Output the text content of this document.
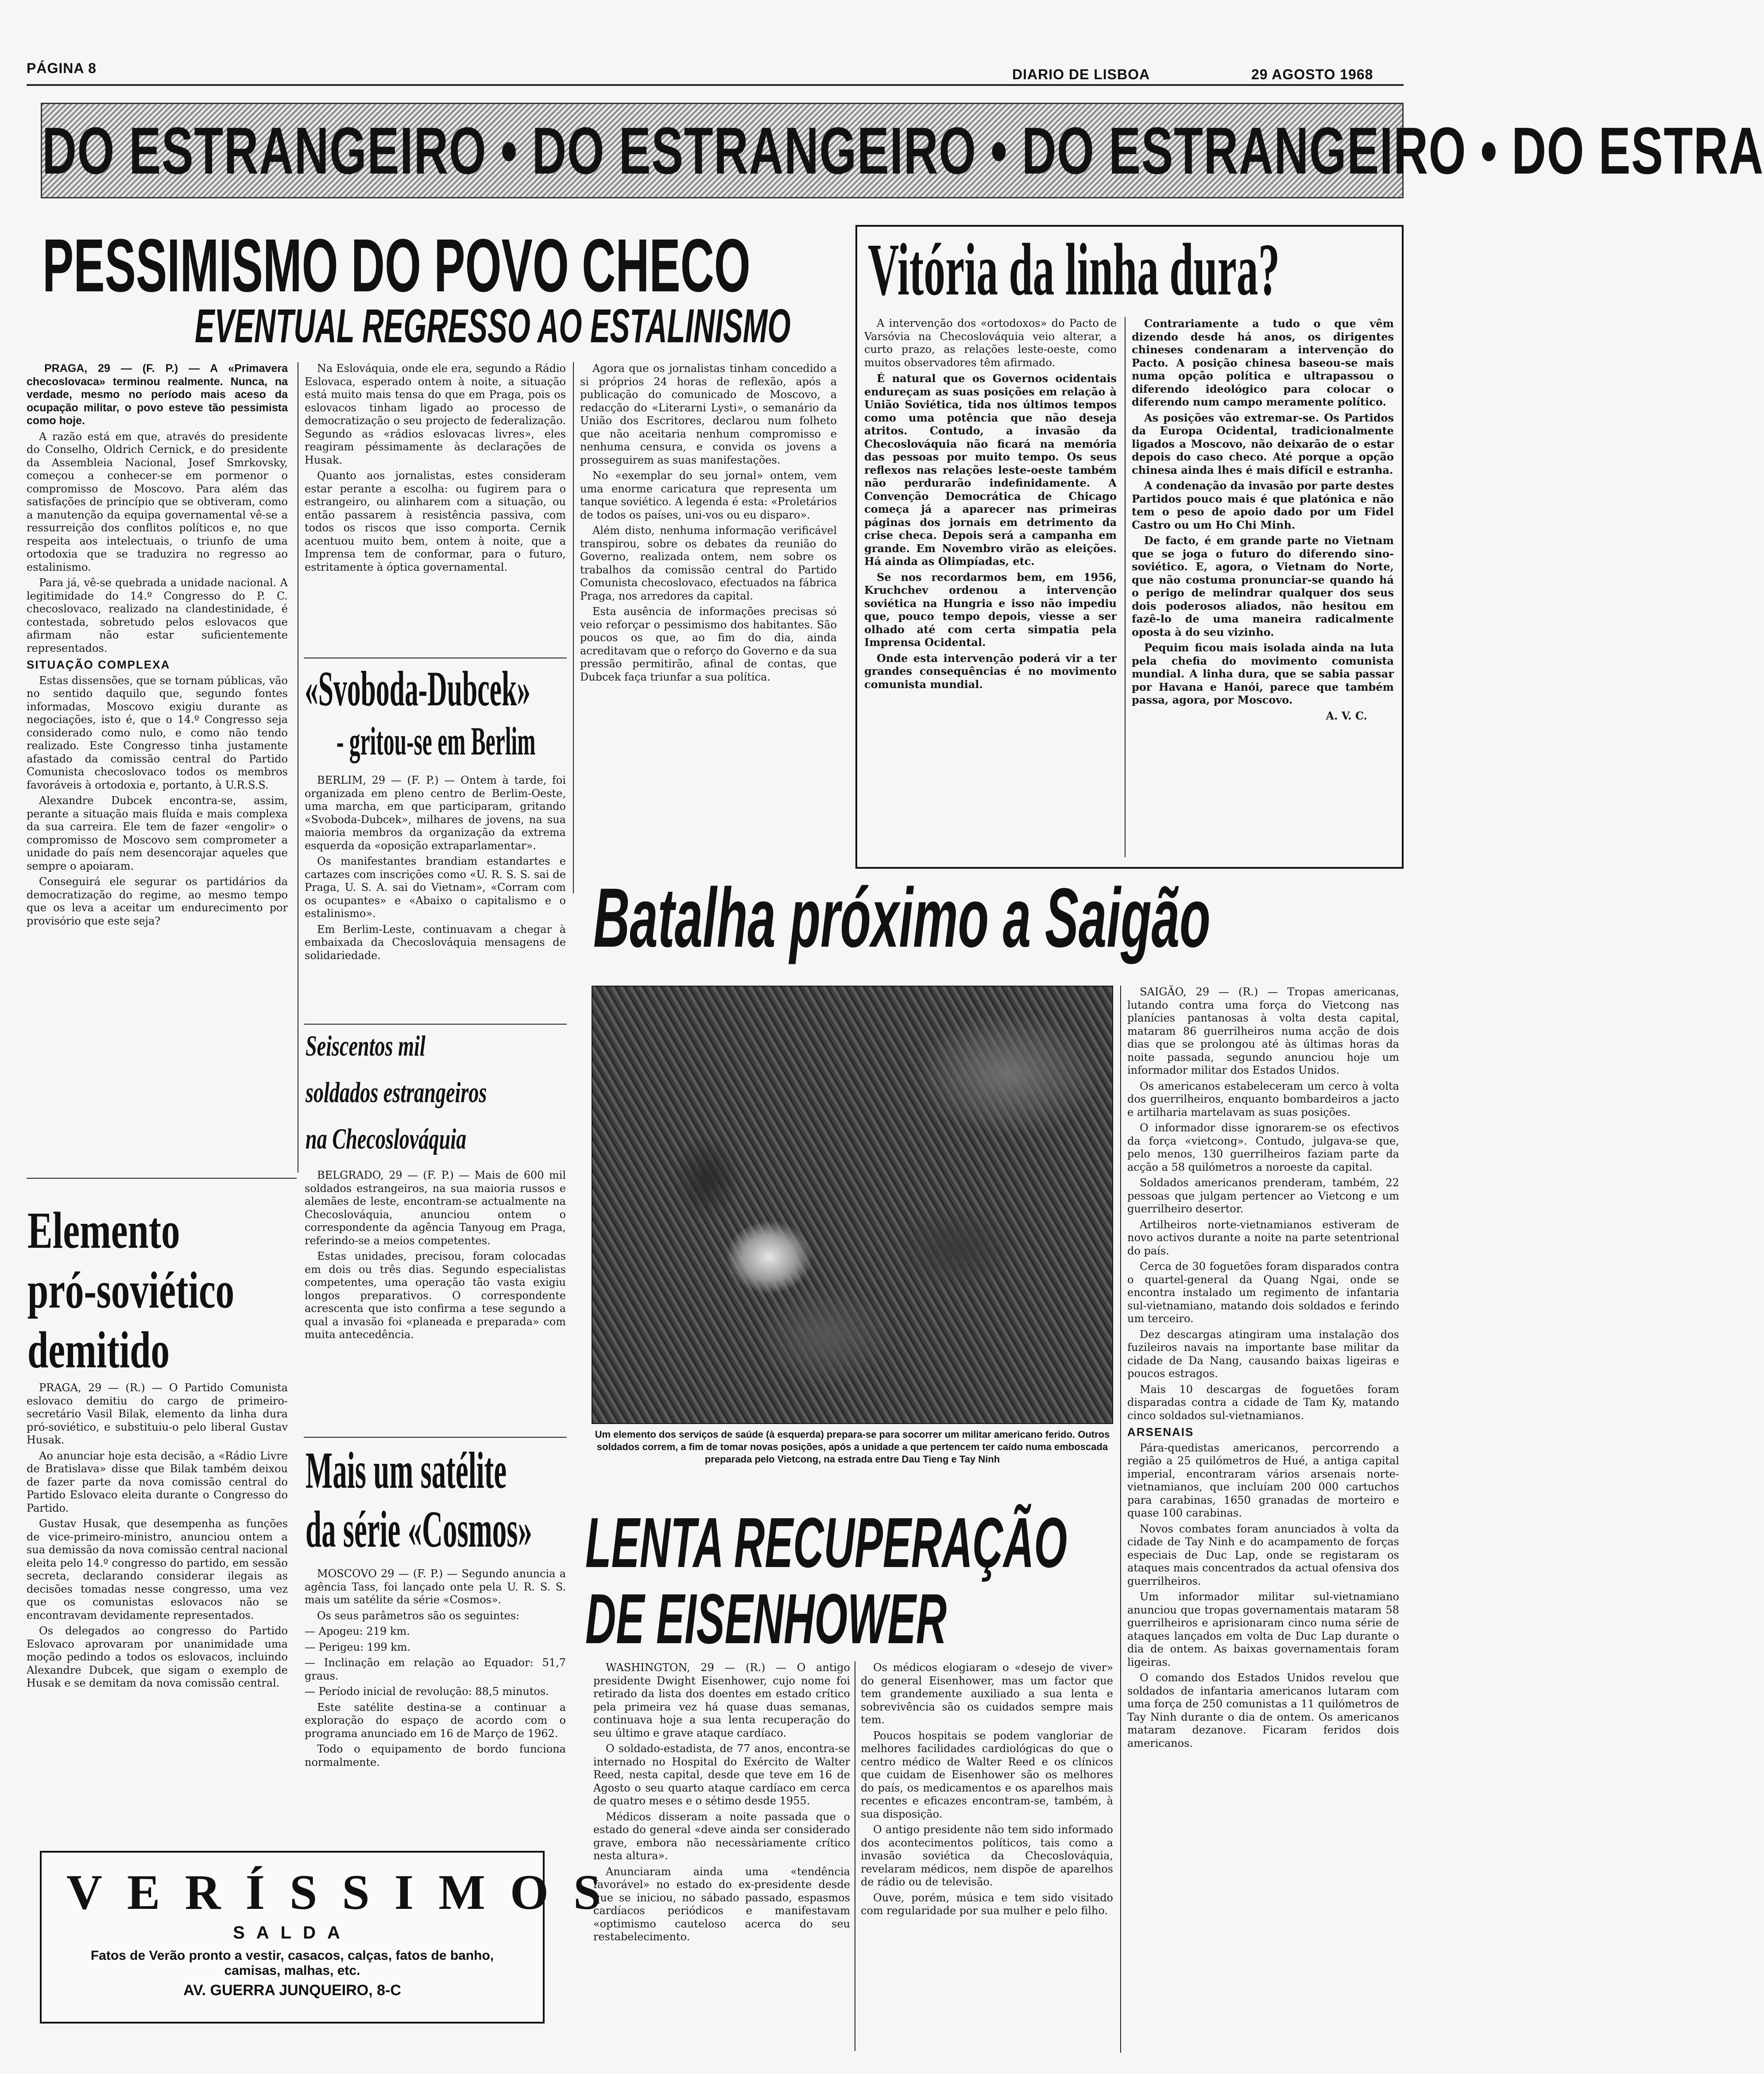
PÁGINA 8	DIARIO DE LISBOA	29 AGOSTO 1968
DO ESTRANGEIRO • DO ESTRANGEIRO • DO ESTRANGEIRO • DO ESTRA
PESSIMISMO DO POVO CHECO
EVENTUAL REGRESSO AO ESTALINISMO

PRAGA, 29 — (F. P.) — A «Primavera checoslovaca» terminou realmente. Nunca, na verdade, mesmo no período mais aceso da ocupação militar, o povo esteve tão pessimista como hoje.

A razão está em que, através do presidente do Conselho, Oldrich Cernick, e do presidente da Assembleia Nacional, Josef Smrkovsky, começou a conhecer-se em pormenor o compromisso de Moscovo. Para além das satisfações de princípio que se obtiveram, como a manutenção da equipa governamental vê-se a ressurreição dos conflitos políticos e, no que respeita aos intelectuais, o triunfo de uma ortodoxia que se traduzira no regresso ao estalinismo.

Para já, vê-se quebrada a unidade nacional. A legitimidade do 14.º Congresso do P. C. checoslovaco, realizado na clandestinidade, é contestada, sobretudo pelos eslovacos que afirmam não estar suficientemente representados.

SITUAÇÃO COMPLEXA

Estas dissensões, que se tornam públicas, vão no sentido daquilo que, segundo fontes informadas, Moscovo exigiu durante as negociações, isto é, que o 14.º Congresso seja considerado como nulo, e como não tendo realizado. Este Congresso tinha justamente afastado da comissão central do Partido Comunista checoslovaco todos os membros favoráveis à ortodoxia e, portanto, à U.R.S.S.

Alexandre Dubcek encontra-se, assim, perante a situação mais fluída e mais complexa da sua carreira. Ele tem de fazer «engolir» o compromisso de Moscovo sem comprometer a unidade do país nem desencorajar aqueles que sempre o apoiaram.

Conseguirá ele segurar os partidários da democratização do regime, ao mesmo tempo que os leva a aceitar um endurecimento por provisório que este seja?

Na Eslováquia, onde ele era, segundo a Rádio Eslovaca, esperado ontem à noite, a situação está muito mais tensa do que em Praga, pois os eslovacos tinham ligado ao processo de democratização o seu projecto de federalização. Segundo as «rádios eslovacas livres», eles reagiram péssimamente às declarações de Husak.

Quanto aos jornalistas, estes consideram estar perante a escolha: ou fugirem para o estrangeiro, ou alinharem com a situação, ou então passarem à resistência passiva, com todos os riscos que isso comporta. Cernik acentuou muito bem, ontem à noite, que a Imprensa tem de conformar, para o futuro, estritamente à óptica governamental.

Agora que os jornalistas tinham concedido a si próprios 24 horas de reflexão, após a publicação do comunicado de Moscovo, a redacção do «Literarni Lysti», o semanário da União dos Escritores, declarou num folheto que não aceitaria nenhum compromisso e nenhuma censura, e convida os jovens a prosseguirem as suas manifestações.

No «exemplar do seu jornal» ontem, vem uma enorme caricatura que representa um tanque soviético. A legenda é esta: «Proletários de todos os países, uni-vos ou eu disparo».

Além disto, nenhuma informação verificável transpirou, sobre os debates da reunião do Governo, realizada ontem, nem sobre os trabalhos da comissão central do Partido Comunista checoslovaco, efectuados na fábrica Praga, nos arredores da capital.

Esta ausência de informações precisas só veio reforçar o pessimismo dos habitantes. São poucos os que, ao fim do dia, ainda acreditavam que o reforço do Governo e da sua pressão permitirão, afinal de contas, que Dubcek faça triunfar a sua política.

«Svoboda-Dubcek»
- gritou-se em Berlim

BERLIM, 29 — (F. P.) — Ontem à tarde, foi organizada em pleno centro de Berlim-Oeste, uma marcha, em que participaram, gritando «Svoboda-Dubcek», milhares de jovens, na sua maioria membros da organização da extrema esquerda da «oposição extraparlamentar».

Os manifestantes brandiam estandartes e cartazes com inscrições como «U. R. S. S. sai de Praga, U. S. A. sai do Vietnam», «Corram com os ocupantes» e «Abaixo o capitalismo e o estalinismo».

Em Berlim-Leste, continuavam a chegar à embaixada da Checoslováquia mensagens de solidariedade.

Seiscentos mil
soldados estrangeiros
na Checoslováquia

BELGRADO, 29 — (F. P.) — Mais de 600 mil soldados estrangeiros, na sua maioria russos e alemães de leste, encontram-se actualmente na Checoslováquia, anunciou ontem o correspondente da agência Tanyoug em Praga, referindo-se a meios competentes.

Estas unidades, precisou, foram colocadas em dois ou três dias. Segundo especialistas competentes, uma operação tão vasta exigiu longos preparativos. O correspondente acrescenta que isto confirma a tese segundo a qual a invasão foi «planeada e preparada» com muita antecedência.

Mais um satélite
da série «Cosmos»

MOSCOVO 29 — (F. P.) — Segundo anuncia a agência Tass, foi lançado onte pela U. R. S. S. mais um satélite da série «Cosmos».

Os seus parâmetros são os seguintes:

— Apogeu: 219 km.

— Perigeu: 199 km.

— Inclinação em relação ao Equador: 51,7 graus.

— Período inicial de revolução: 88,5 minutos.

Este satélite destina-se a continuar a exploração do espaço de acordo com o programa anunciado em 16 de Março de 1962.

Todo o equipamento de bordo funciona normalmente.

Elemento
pró-soviético
demitido

PRAGA, 29 — (R.) — O Partido Comunista eslovaco demitiu do cargo de primeiro-secretário Vasil Bilak, elemento da linha dura pró-soviético, e substituiu-o pelo liberal Gustav Husak.

Ao anunciar hoje esta decisão, a «Rádio Livre de Bratislava» disse que Bilak também deixou de fazer parte da nova comissão central do Partido Eslovaco eleita durante o Congresso do Partido.

Gustav Husak, que desempenha as funções de vice-primeiro-ministro, anunciou ontem a sua demissão da nova comissão central nacional eleita pelo 14.º congresso do partido, em sessão secreta, declarando considerar ilegais as decisões tomadas nesse congresso, uma vez que os comunistas eslovacos não se encontravam devidamente representados.

Os delegados ao congresso do Partido Eslovaco aprovaram por unanimidade uma moção pedindo a todos os eslovacos, incluindo Alexandre Dubcek, que sigam o exemplo de Husak e se demitam da nova comissão central.

VERÍSSIMOS
SALDA
Fatos de Verão pronto a vestir, casacos, calças, fatos de banho,
camisas, malhas, etc.
AV. GUERRA JUNQUEIRO, 8-C
Vitória da linha dura?

A intervenção dos «ortodoxos» do Pacto de Varsóvia na Checoslováquia veio alterar, a curto prazo, as relações leste-oeste, como muitos observadores têm afirmado.

É natural que os Governos ocidentais endureçam as suas posições em relação à União Soviética, tida nos últimos tempos como uma potência que não deseja atritos. Contudo, a invasão da Checoslováquia não ficará na memória das pessoas por muito tempo. Os seus reflexos nas relações leste-oeste também não perdurarão indefinidamente. A Convenção Democrática de Chicago começa já a aparecer nas primeiras páginas dos jornais em detrimento da crise checa. Depois será a campanha em grande. Em Novembro virão as eleições. Há ainda as Olimpíadas, etc.

Se nos recordarmos bem, em 1956, Kruchchev ordenou a intervenção soviética na Hungria e isso não impediu que, pouco tempo depois, viesse a ser olhado até com certa simpatia pela Imprensa Ocidental.

Onde esta intervenção poderá vir a ter grandes consequências é no movimento comunista mundial.

Contrariamente a tudo o que vêm dizendo desde há anos, os dirigentes chineses condenaram a intervenção do Pacto. A posição chinesa baseou-se mais numa opção política e ultrapassou o diferendo ideológico para colocar o diferendo num campo meramente político.

As posições vão extremar-se. Os Partidos da Europa Ocidental, tradicionalmente ligados a Moscovo, não deixarão de o estar depois do caso checo. Até porque a opção chinesa ainda lhes é mais difícil e estranha.

A condenação da invasão por parte destes Partidos pouco mais é que platónica e não tem o peso de apoio dado por um Fidel Castro ou um Ho Chi Minh.

De facto, é em grande parte no Vietnam que se joga o futuro do diferendo sino-soviético. E, agora, o Vietnam do Norte, que não costuma pronunciar-se quando há o perigo de melindrar qualquer dos seus dois poderosos aliados, não hesitou em fazê-lo de uma maneira radicalmente oposta à do seu vizinho.

Pequim ficou mais isolada ainda na luta pela chefia do movimento comunista mundial. A linha dura, que se sabia passar por Havana e Hanói, parece que também passa, agora, por Moscovo.

A. V. C.

Batalha próximo a Saigão
Um elemento dos serviços de saúde (à esquerda) prepara-se para socorrer um militar americano ferido. Outros soldados correm, a fim de tomar novas posições, após a unidade a que pertencem ter caído numa emboscada preparada pelo Vietcong, na estrada entre Dau Tieng e Tay Ninh

SAIGÃO, 29 — (R.) — Tropas americanas, lutando contra uma força do Vietcong nas planícies pantanosas à volta desta capital, mataram 86 guerrilheiros numa acção de dois dias que se prolongou até às últimas horas da noite passada, segundo anunciou hoje um informador militar dos Estados Unidos.

Os americanos estabeleceram um cerco à volta dos guerrilheiros, enquanto bombardeiros a jacto e artilharia martelavam as suas posições.

O informador disse ignorarem-se os efectivos da força «vietcong». Contudo, julgava-se que, pelo menos, 130 guerrilheiros faziam parte da acção a 58 quilómetros a noroeste da capital.

Soldados americanos prenderam, também, 22 pessoas que julgam pertencer ao Vietcong e um guerrilheiro desertor.

Artilheiros norte-vietnamianos estiveram de novo activos durante a noite na parte setentrional do país.

Cerca de 30 foguetões foram disparados contra o quartel-general da Quang Ngai, onde se encontra instalado um regimento de infantaria sul-vietnamiano, matando dois soldados e ferindo um terceiro.

Dez descargas atingiram uma instalação dos fuzileiros navais na importante base militar da cidade de Da Nang, causando baixas ligeiras e poucos estragos.

Mais 10 descargas de foguetões foram disparadas contra a cidade de Tam Ky, matando cinco soldados sul-vietnamianos.

ARSENAIS

Pára-quedistas americanos, percorrendo a região a 25 quilómetros de Hué, a antiga capital imperial, encontraram vários arsenais norte-vietnamianos, que incluíam 200 000 cartuchos para carabinas, 1650 granadas de morteiro e quase 100 carabinas.

Novos combates foram anunciados à volta da cidade de Tay Ninh e do acampamento de forças especiais de Duc Lap, onde se registaram os ataques mais concentrados da actual ofensiva dos guerrilheiros.

Um informador militar sul-vietnamiano anunciou que tropas governamentais mataram 58 guerrilheiros e aprisionaram cinco numa série de ataques lançados em volta de Duc Lap durante o dia de ontem. As baixas governamentais foram ligeiras.

O comando dos Estados Unidos revelou que soldados de infantaria americanos lutaram com uma força de 250 comunistas a 11 quilómetros de Tay Ninh durante o dia de ontem. Os americanos mataram dezanove. Ficaram feridos dois americanos.

LENTA RECUPERAÇÃO
DE EISENHOWER

WASHINGTON, 29 — (R.) — O antigo presidente Dwight Eisenhower, cujo nome foi retirado da lista dos doentes em estado crítico pela primeira vez há quase duas semanas, continuava hoje a sua lenta recuperação do seu último e grave ataque cardíaco.

O soldado-estadista, de 77 anos, encontra-se internado no Hospital do Exército de Walter Reed, nesta capital, desde que teve em 16 de Agosto o seu quarto ataque cardíaco em cerca de quatro meses e o sétimo desde 1955.

Médicos disseram a noite passada que o estado do general «deve ainda ser considerado grave, embora não necessàriamente crítico nesta altura».

Anunciaram ainda uma «tendência favorável» no estado do ex-presidente desde que se iniciou, no sábado passado, espasmos cardíacos periódicos e manifestavam «optimismo cauteloso acerca do seu restabelecimento.

Os médicos elogiaram o «desejo de viver» do general Eisenhower, mas um factor que tem grandemente auxiliado a sua lenta e sobrevivência são os cuidados sempre mais tem.

Poucos hospitais se podem vangloriar de melhores facilidades cardiológicas do que o centro médico de Walter Reed e os clínicos que cuidam de Eisenhower são os melhores do país, os medicamentos e os aparelhos mais recentes e eficazes encontram-se, também, à sua disposição.

O antigo presidente não tem sido informado dos acontecimentos políticos, tais como a invasão soviética da Checoslováquia, revelaram médicos, nem dispõe de aparelhos de rádio ou de televisão.

Ouve, porém, música e tem sido visitado com regularidade por sua mulher e pelo filho.
